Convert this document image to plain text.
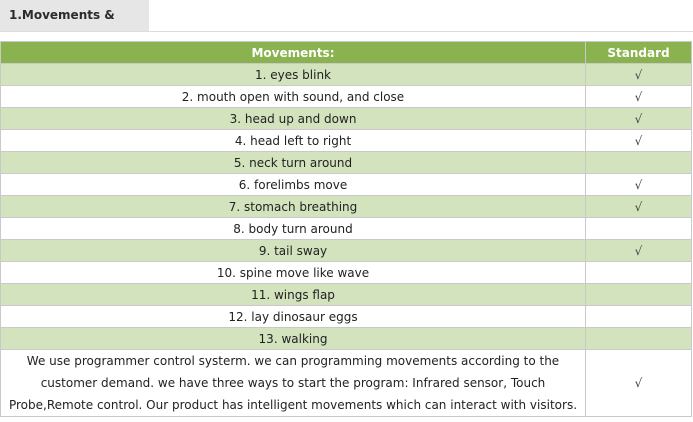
1.Movements &
Movements:	Standard
1. eyes blink	√
2. mouth open with sound, and close	√
3. head up and down	√
4. head left to right	√
5. neck turn around	
6. forelimbs move	√
7. stomach breathing	√
8. body turn around	
9. tail sway	√
10. spine move like wave	
11. wings flap	
12. lay dinosaur eggs	
13. walking	
We use programmer control systerm. we can programming movements according to the customer demand. we have three ways to start the program: Infrared sensor, Touch Probe,Remote control. Our product has intelligent movements which can interact with visitors.	√
